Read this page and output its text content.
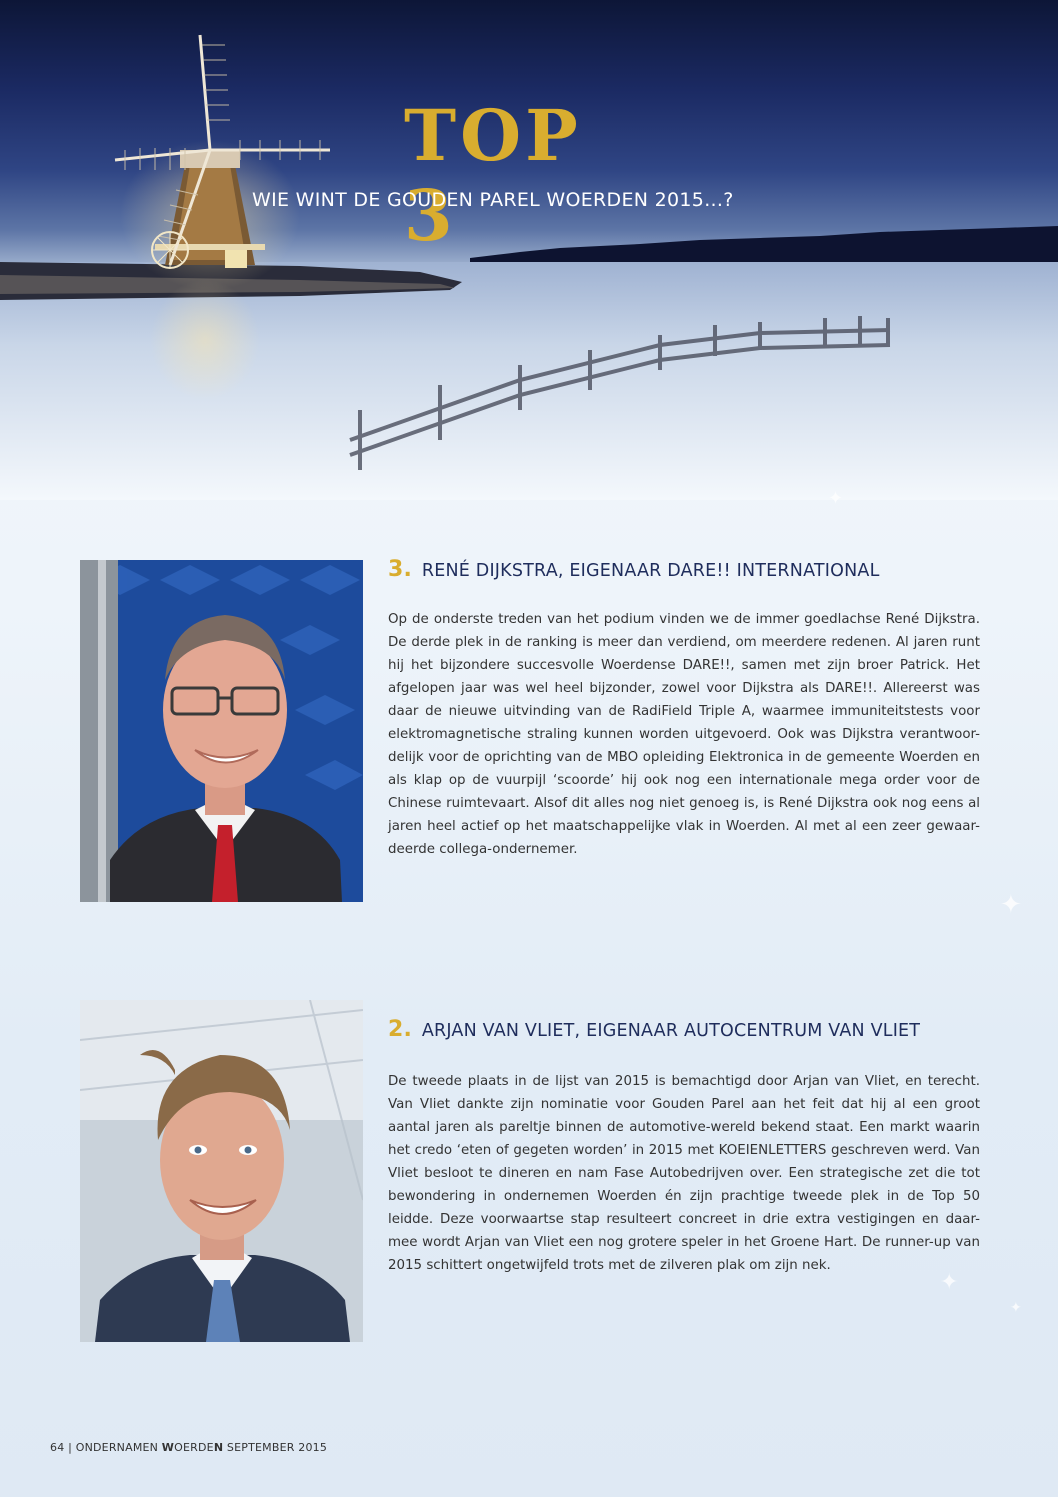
TOP 3
WIE WINT DE GOUDEN PAREL WOERDEN 2015...?
✦
✦
✦
✦
3. RENÉ DIJKSTRA, EIGENAAR DARE!! INTERNATIONAL

Op de onderste treden van het podium vinden we de immer goedlachse René Dijkstra. De derde plek in de ranking is meer dan verdiend, om meerdere redenen. Al jaren runt hij het bijzondere succesvolle Woerdense DARE!!, samen met zijn broer Patrick. Het afgelopen jaar was wel heel bijzonder, zowel voor Dijkstra als DARE!!. Allereerst was daar de nieuwe uitvinding van de RadiField Triple A, waarmee immuniteitstests voor elektromagnetische straling kunnen worden uitgevoerd. Ook was Dijkstra verantwoor-delijk voor de oprichting van de MBO opleiding Elektronica in de gemeente Woerden en als klap op de vuurpijl ‘scoorde’ hij ook nog een internationale mega order voor de Chinese ruimtevaart. Alsof dit alles nog niet genoeg is, is René Dijkstra ook nog eens al jaren heel actief op het maatschappelijke vlak in Woerden. Al met al een zeer gewaar-deerde collega-ondernemer.

2. ARJAN VAN VLIET, EIGENAAR AUTOCENTRUM VAN VLIET

De tweede plaats in de lijst van 2015 is bemachtigd door Arjan van Vliet, en terecht. Van Vliet dankte zijn nominatie voor Gouden Parel aan het feit dat hij al een groot aantal jaren als pareltje binnen de automotive-wereld bekend staat. Een markt waarin het credo ‘eten of gegeten worden’ in 2015 met KOEIENLETTERS geschreven werd. Van Vliet besloot te dineren en nam Fase Autobedrijven over. Een strategische zet die tot bewondering in ondernemen Woerden én zijn prachtige tweede plek in de Top 50 leidde. Deze voorwaartse stap resulteert concreet in drie extra vestigingen en daar-mee wordt Arjan van Vliet een nog grotere speler in het Groene Hart. De runner-up van 2015 schittert ongetwijfeld trots met de zilveren plak om zijn nek.

64 | ONDERNAMEN WOERDEN SEPTEMBER 2015
